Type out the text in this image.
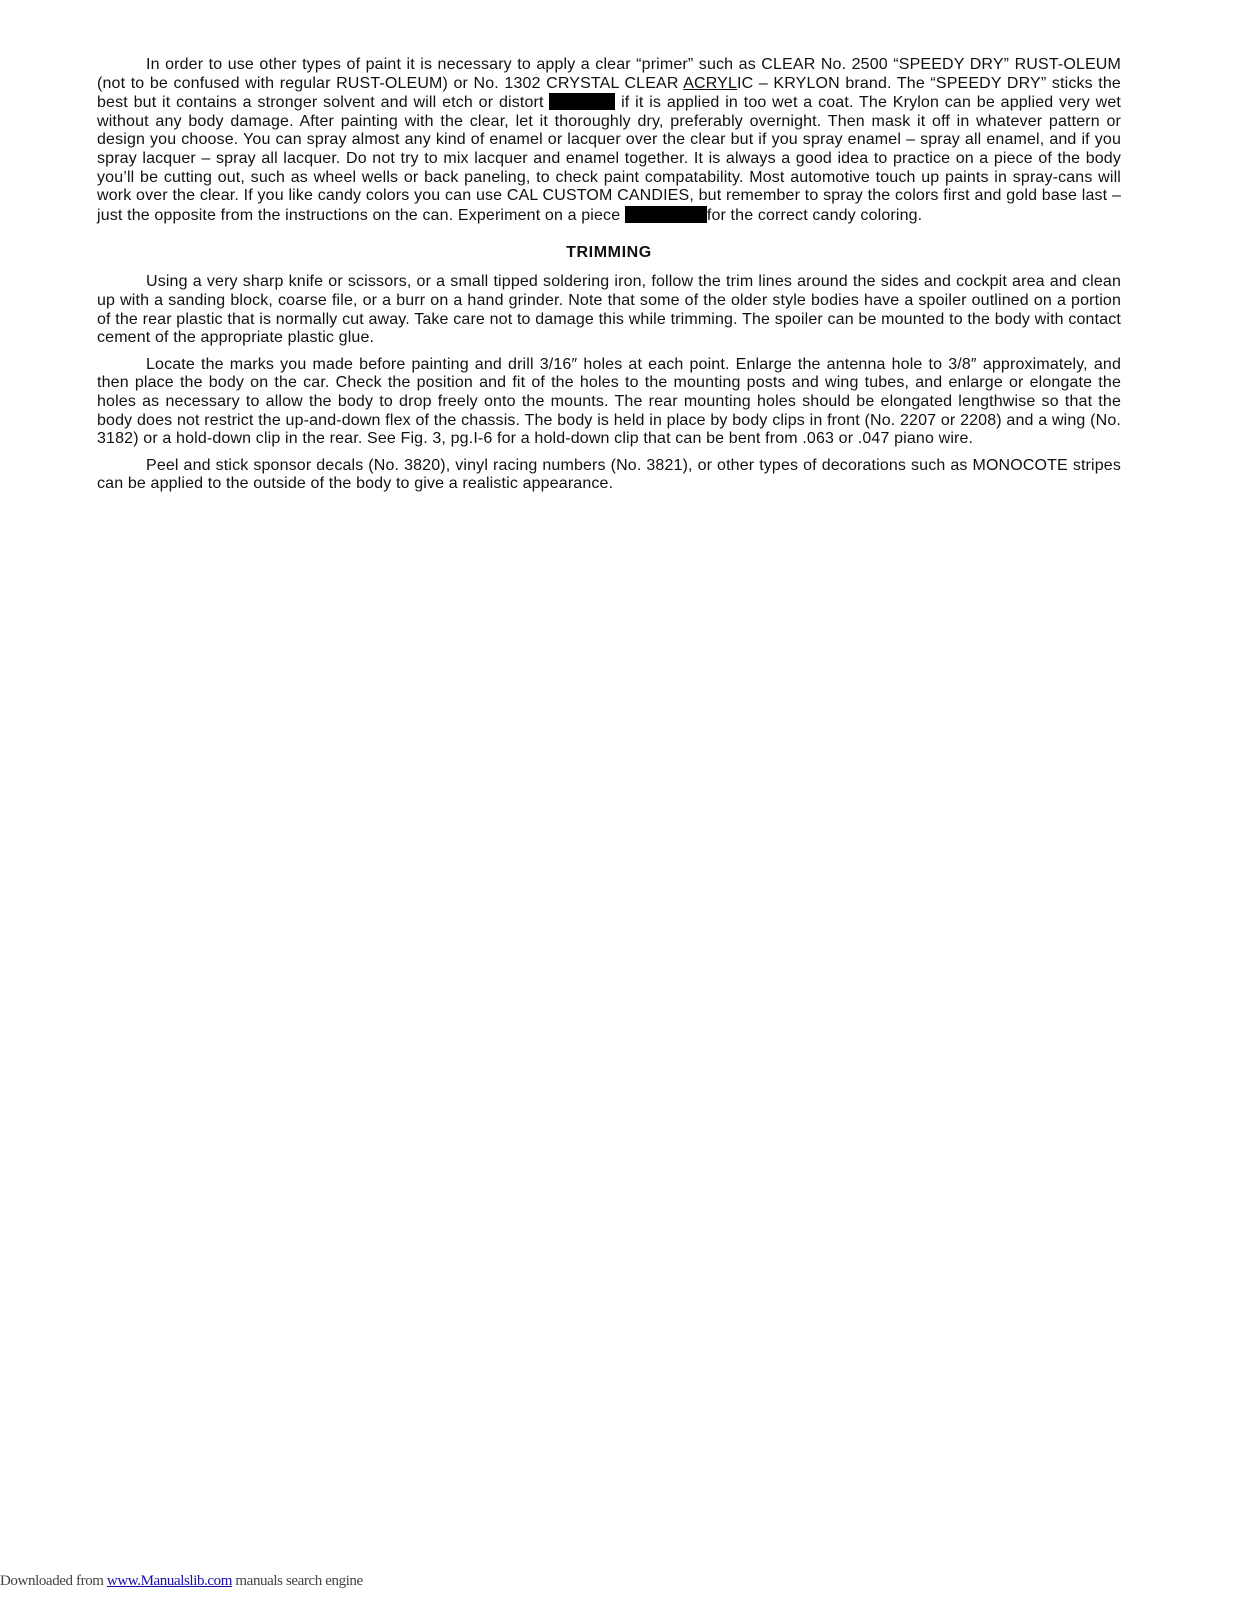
In order to use other types of paint it is necessary to apply a clear “primer” such as CLEAR No. 2500 “SPEEDY DRY” RUST-OLEUM (not to be confused with regular RUST-OLEUM) or No. 1302 CRYSTAL CLEAR ACRYLIC – KRYLON brand. The “SPEEDY DRY” sticks the best but it contains a stronger solvent and will etch or distort	if it is applied in too wet a coat. The Krylon can be applied very wet without any body damage. After painting with the clear, let it thoroughly dry, preferably overnight. Then mask it off in whatever pattern or design you choose. You can spray almost any kind of enamel or lacquer over the clear but if you spray enamel – spray all enamel, and if you spray lacquer – spray all lacquer. Do not try to mix lacquer and enamel together. It is always a good idea to practice on a piece of the body you’ll be cutting out, such as wheel wells or back paneling, to check paint compatability. Most automotive touch up paints in spray-cans will work over the clear. If you like candy colors you can use CAL CUSTOM CANDIES, but remember to spray the colors first and gold base last – just the opposite from the instructions on the can. Experiment on a piece	for the correct candy coloring.

TRIMMING

Using a very sharp knife or scissors, or a small tipped soldering iron, follow the trim lines around the sides and cockpit area and clean up with a sanding block, coarse file, or a burr on a hand grinder. Note that some of the older style bodies have a spoiler outlined on a portion of the rear plastic that is normally cut away. Take care not to damage this while trimming. The spoiler can be mounted to the body with contact cement of the appropriate plastic glue.

Locate the marks you made before painting and drill 3/16″ holes at each point. Enlarge the antenna hole to 3/8″ approximately, and then place the body on the car. Check the position and fit of the holes to the mounting posts and wing tubes, and enlarge or elongate the holes as necessary to allow the body to drop freely onto the mounts. The rear mounting holes should be elongated lengthwise so that the body does not restrict the up-and-down flex of the chassis. The body is held in place by body clips in front (No. 2207 or 2208) and a wing (No. 3182) or a hold-down clip in the rear. See Fig. 3, pg.I-6 for a hold-down clip that can be bent from .063 or .047 piano wire.

Peel and stick sponsor decals (No. 3820), vinyl racing numbers (No. 3821), or other types of decorations such as MONOCOTE stripes can be applied to the outside of the body to give a realistic appearance.

Downloaded from www.Manualslib.com manuals search engine
